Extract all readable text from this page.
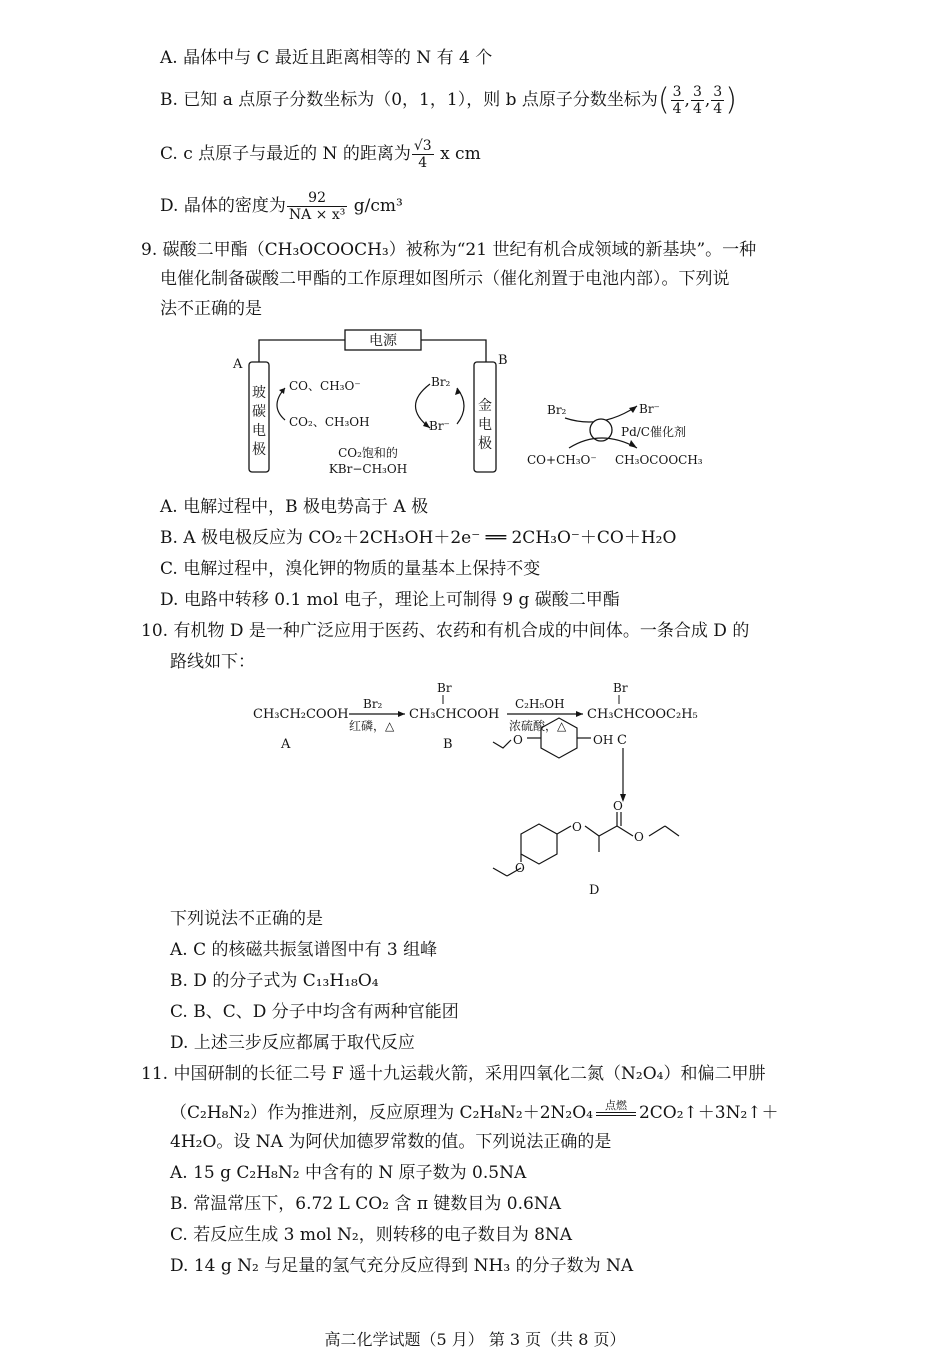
A. 晶体中与 C 最近且距离相等的 N 有 4 个
B. 已知 a 点原子分数坐标为（0，1，1），则 b 点原子分数坐标为( $\frac{3}{4}$ , $\frac{3}{4}$ , $\frac{3}{4}$ )
C. c 点原子与最近的 N 的距离为 $\frac{√3}{4}$ x cm
D. 晶体的密度为 $\frac{92}{\text{NA × x³}} g/cm^3$
9. 碳酸二甲酯（CH₃OCOOCH₃）被称为“21 世纪有机合成领域的新基块”。一种
电催化制备碳酸二甲酯的工作原理如图所示（催化剂置于电池内部）。下列说
法不正确的是
电源
A	B
玻
碳
电
极
金
电
极
CO、CH₃O⁻
CO₂、CH₃OH
Br₂
Br⁻
CO₂饱和的
KBr−CH₃OH
Br₂	Br⁻
Pd/C催化剂
CO+CH₃O⁻ CH₃OCOOCH₃
A. 电解过程中，B 极电势高于 A 极
B. A 极电极反应为 CO₂＋2CH₃OH＋2e⁻ ══ 2CH₃O⁻＋CO＋H₂O
C. 电解过程中，溴化钾的物质的量基本上保持不变
D. 电路中转移 0.1 mol 电子，理论上可制得 9 g 碳酸二甲酯
10. 有机物 D 是一种广泛应用于医药、农药和有机合成的中间体。一条合成 D 的
路线如下：
CH₃CH₂COOH
A
Br₂
红磷，△
Br
CH₃CHCOOH
B
C₂H₅OH
浓硫酸，△
Br
CH₃CHCOOC₂H₅
C
O	OH
O
O
O
O
D
下列说法不正确的是
A. C 的核磁共振氢谱图中有 3 组峰
B. D 的分子式为 C₁₃H₁₈O₄
C. B、C、D 分子中均含有两种官能团
D. 上述三步反应都属于取代反应
11. 中国研制的长征二号 F 遥十九运载火箭，采用四氧化二氮（N₂O₄）和偏二甲肼
（C₂H₈N₂）作为推进剂，反应原理为 C₂H₈N₂＋2N₂O₄	点燃 2CO₂↑＋3N₂↑＋
4H₂O。设 NA 为阿伏加德罗常数的值。下列说法正确的是
A. 15 g C₂H₈N₂ 中含有的 N 原子数为 0.5NA
B. 常温常压下，6.72 L CO₂ 含 π 键数目为 0.6NA
C. 若反应生成 3 mol N₂，则转移的电子数目为 8NA
D. 14 g N₂ 与足量的氢气充分反应得到 NH₃ 的分子数为 NA
高二化学试题（5 月） 第 3 页（共 8 页）
